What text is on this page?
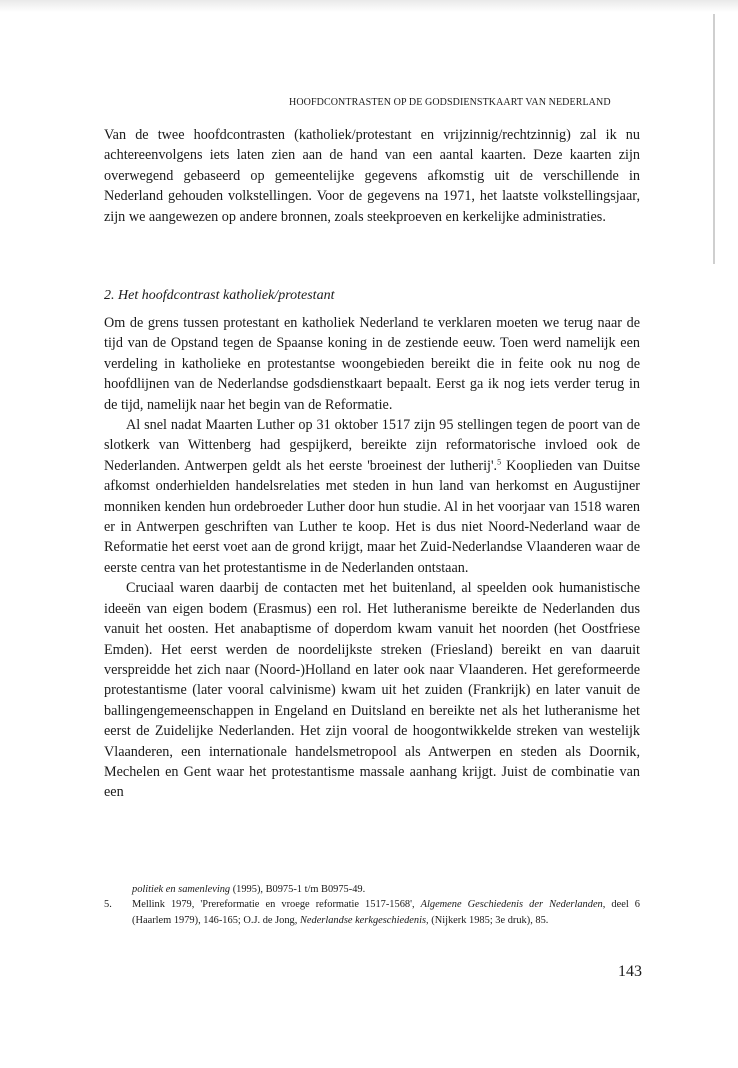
HOOFDCONTRASTEN OP DE GODSDIENSTKAART VAN NEDERLAND

Van de twee hoofdcontrasten (katholiek/protestant en vrijzinnig/rechtzinnig) zal ik nu achtereenvolgens iets laten zien aan de hand van een aantal kaarten. Deze kaarten zijn overwegend gebaseerd op gemeentelijke gegevens afkomstig uit de verschillende in Nederland gehouden volkstellingen. Voor de gegevens na 1971, het laatste volkstellingsjaar, zijn we aangewezen op andere bronnen, zoals steekproeven en kerkelijke administraties.

2. Het hoofdcontrast katholiek/protestant

Om de grens tussen protestant en katholiek Nederland te verklaren moeten we terug naar de tijd van de Opstand tegen de Spaanse koning in de zestiende eeuw. Toen werd namelijk een verdeling in katholieke en protestantse woongebieden bereikt die in feite ook nu nog de hoofdlijnen van de Nederlandse godsdienstkaart bepaalt. Eerst ga ik nog iets verder terug in de tijd, namelijk naar het begin van de Reformatie.

Al snel nadat Maarten Luther op 31 oktober 1517 zijn 95 stellingen tegen de poort van de slotkerk van Wittenberg had gespijkerd, bereikte zijn reformatorische invloed ook de Nederlanden. Antwerpen geldt als het eerste 'broeinest der lutherij'.$^5$ Kooplieden van Duitse afkomst onderhielden handelsrelaties met steden in hun land van herkomst en Augustijner monniken kenden hun ordebroeder Luther door hun studie. Al in het voorjaar van 1518 waren er in Antwerpen geschriften van Luther te koop. Het is dus niet Noord-Nederland waar de Reformatie het eerst voet aan de grond krijgt, maar het Zuid-Nederlandse Vlaanderen waar de eerste centra van het protestantisme in de Nederlanden ontstaan.

Cruciaal waren daarbij de contacten met het buitenland, al speelden ook humanistische ideeën van eigen bodem (Erasmus) een rol. Het lutheranisme bereikte de Nederlanden dus vanuit het oosten. Het anabaptisme of doperdom kwam vanuit het noorden (het Oostfriese Emden). Het eerst werden de noordelijkste streken (Friesland) bereikt en van daaruit verspreidde het zich naar (Noord-)Holland en later ook naar Vlaanderen. Het gereformeerde protestantisme (later vooral calvinisme) kwam uit het zuiden (Frankrijk) en later vanuit de ballingengemeenschappen in Engeland en Duitsland en bereikte net als het lutheranisme het eerst de Zuidelijke Nederlanden. Het zijn vooral de hoogontwikkelde streken van westelijk Vlaanderen, een internationale handelsmetropool als Antwerpen en steden als Doornik, Mechelen en Gent waar het protestantisme massale aanhang krijgt. Juist de combinatie van een

politiek en samenleving (1995), B0975-1 t/m B0975-49.
5.	Mellink 1979, 'Prereformatie en vroege reformatie 1517-1568', Algemene Geschiedenis der Nederlanden, deel 6 (Haarlem 1979), 146-165; O.J. de Jong, Nederlandse kerkgeschiedenis, (Nijkerk 1985; 3e druk), 85.
143
